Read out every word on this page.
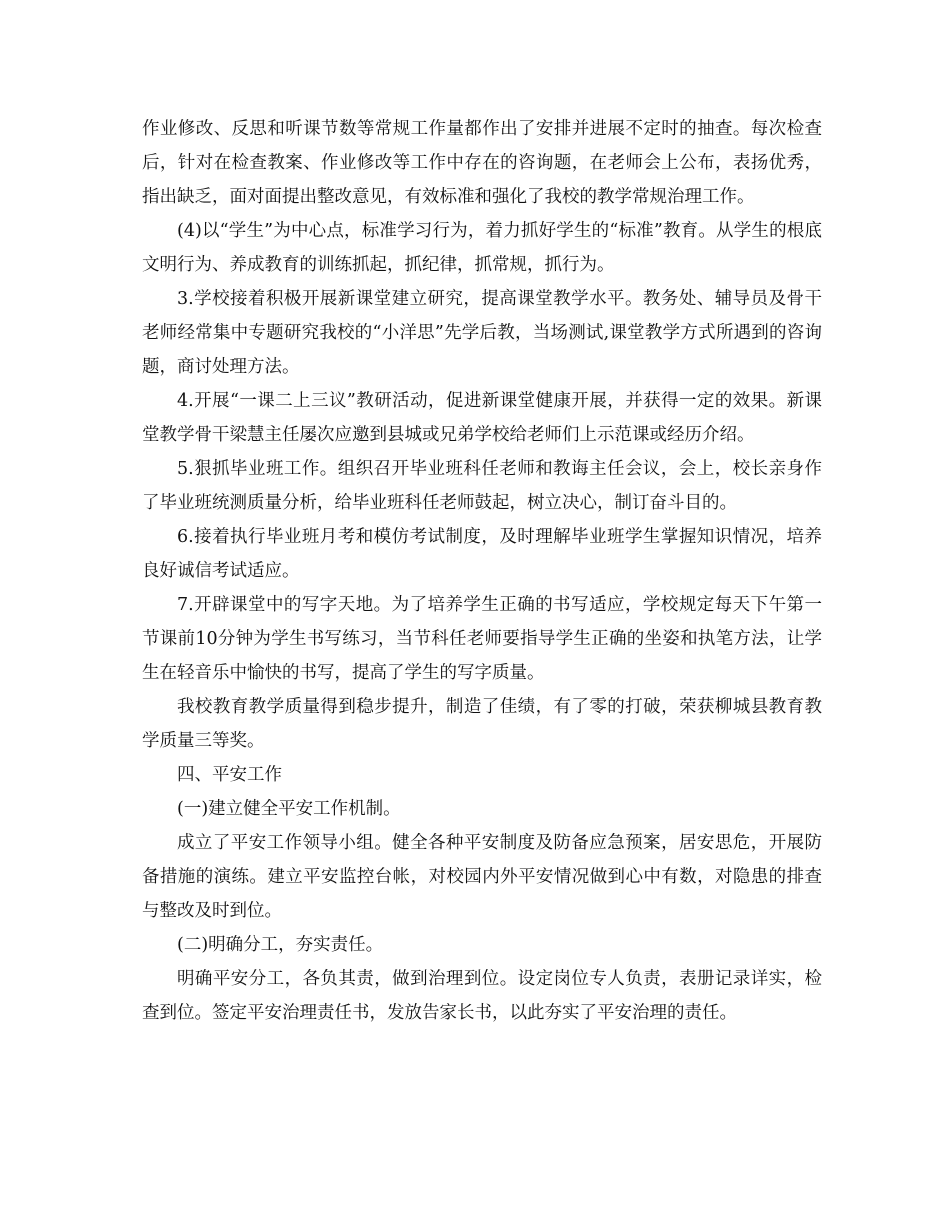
作业修改、反思和听课节数等常规工作量都作出了安排并进展不定时的抽查。每次检查后，针对在检查教案、作业修改等工作中存在的咨询题，在老师会上公布，表扬优秀，指出缺乏，面对面提出整改意见，有效标准和强化了我校的教学常规治理工作。

(4)以“学生”为中心点，标准学习行为，着力抓好学生的“标准”教育。从学生的根底文明行为、养成教育的训练抓起，抓纪律，抓常规，抓行为。

3.学校接着积极开展新课堂建立研究，提高课堂教学水平。教务处、辅导员及骨干老师经常集中专题研究我校的“小洋思”先学后教，当场测试,课堂教学方式所遇到的咨询题，商讨处理方法。

4.开展“一课二上三议”教研活动，促进新课堂健康开展，并获得一定的效果。新课堂教学骨干梁慧主任屡次应邀到县城或兄弟学校给老师们上示范课或经历介绍。

5.狠抓毕业班工作。组织召开毕业班科任老师和教诲主任会议，会上，校长亲身作了毕业班统测质量分析，给毕业班科任老师鼓起，树立决心，制订奋斗目的。

6.接着执行毕业班月考和模仿考试制度，及时理解毕业班学生掌握知识情况，培养良好诚信考试适应。

7.开辟课堂中的写字天地。为了培养学生正确的书写适应，学校规定每天下午第一节课前10分钟为学生书写练习，当节科任老师要指导学生正确的坐姿和执笔方法，让学生在轻音乐中愉快的书写，提高了学生的写字质量。

我校教育教学质量得到稳步提升，制造了佳绩，有了零的打破，荣获柳城县教育教学质量三等奖。

四、平安工作

(一)建立健全平安工作机制。

成立了平安工作领导小组。健全各种平安制度及防备应急预案，居安思危，开展防备措施的演练。建立平安监控台帐，对校园内外平安情况做到心中有数，对隐患的排查与整改及时到位。

(二)明确分工，夯实责任。

明确平安分工，各负其责，做到治理到位。设定岗位专人负责，表册记录详实，检查到位。签定平安治理责任书，发放告家长书，以此夯实了平安治理的责任。
